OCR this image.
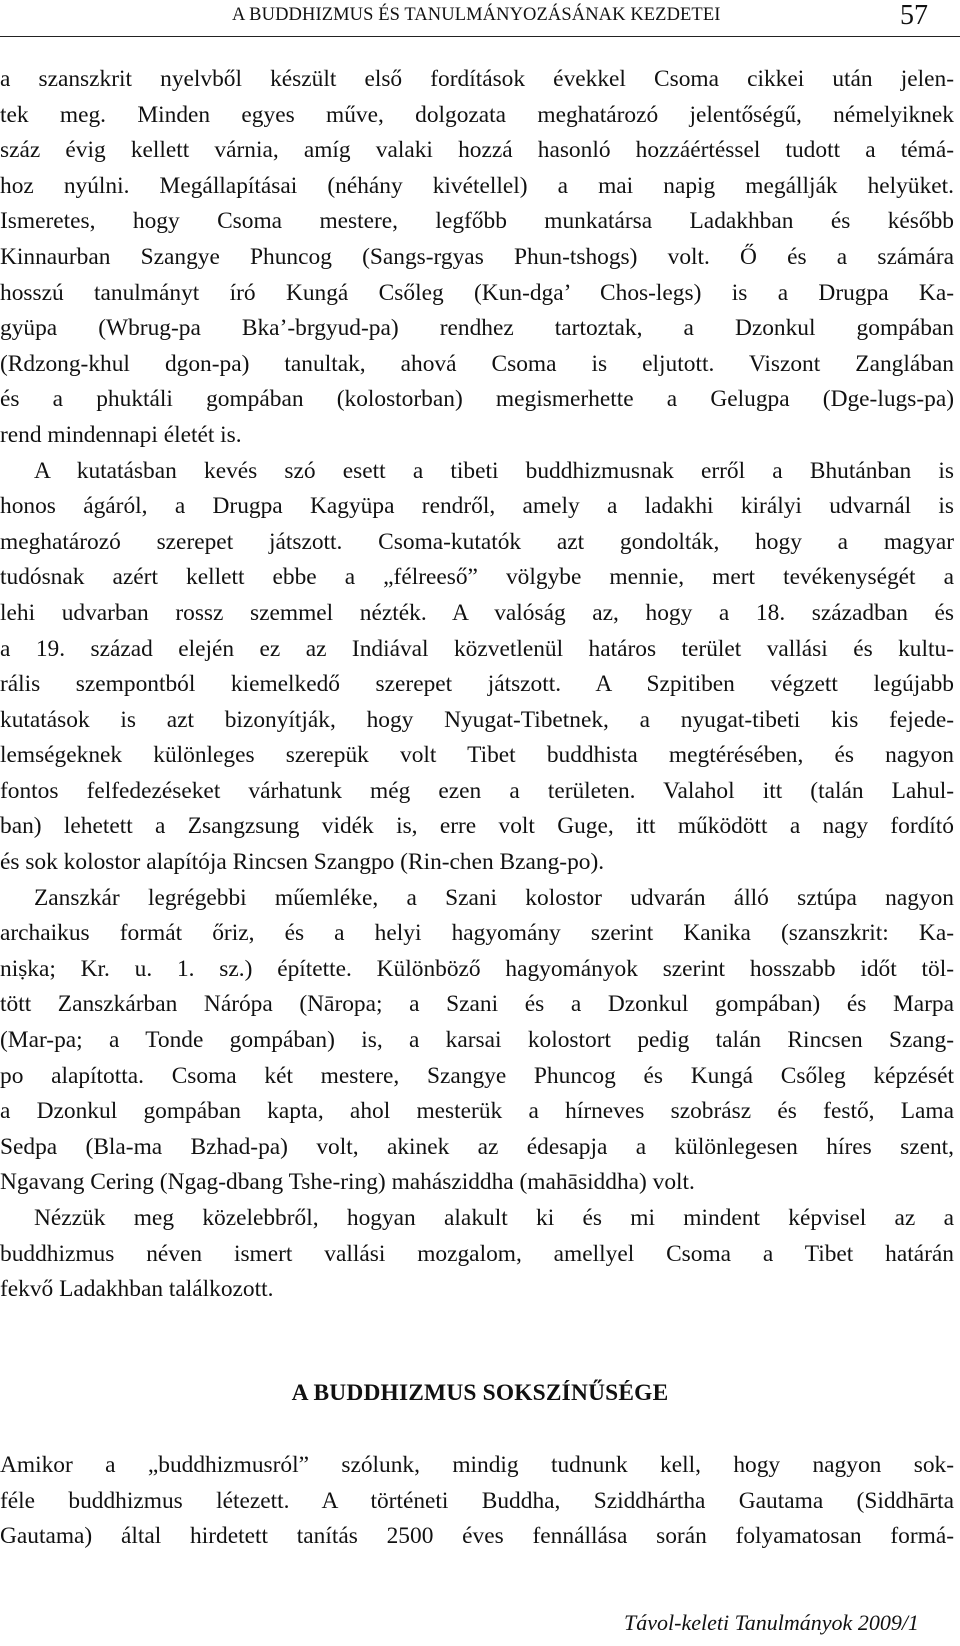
A BUDDHIZMUS ÉS TANULMÁNYOZÁSÁNAK KEZDETEI	57
a szanszkrit nyelvből készült első fordítások évekkel Csoma cikkei után jelen-
tek meg. Minden egyes műve, dolgozata meghatározó jelentőségű, némelyiknek
száz évig kellett várnia, amíg valaki hozzá hasonló hozzáértéssel tudott a témá-
hoz nyúlni. Megállapításai (néhány kivétellel) a mai napig megállják helyüket.
Ismeretes, hogy Csoma mestere, legfőbb munkatársa Ladakhban és később
Kinnaurban Szangye Phuncog (Sangs-rgyas Phun-tshogs) volt. Ő és a számára
hosszú tanulmányt író Kungá Csőleg (Kun-dga’ Chos-legs) is a Drugpa Ka-
gyüpa (Wbrug-pa Bka’-brgyud-pa) rendhez tartoztak, a Dzonkul gompában
(Rdzong-khul dgon-pa) tanultak, ahová Csoma is eljutott. Viszont Zanglában
és a phuktáli gompában (kolostorban) megismerhette a Gelugpa (Dge-lugs-pa)
rend mindennapi életét is.
A kutatásban kevés szó esett a tibeti buddhizmusnak erről a Bhutánban is
honos ágáról, a Drugpa Kagyüpa rendről, amely a ladakhi királyi udvarnál is
meghatározó szerepet játszott. Csoma-kutatók azt gondolták, hogy a magyar
tudósnak azért kellett ebbe a „félreeső” völgybe mennie, mert tevékenységét a
lehi udvarban rossz szemmel nézték. A valóság az, hogy a 18. században és
a 19. század elején ez az Indiával közvetlenül határos terület vallási és kultu-
rális szempontból kiemelkedő szerepet játszott. A Szpitiben végzett legújabb
kutatások is azt bizonyítják, hogy Nyugat-Tibetnek, a nyugat-tibeti kis fejede-
lemségeknek különleges szerepük volt Tibet buddhista megtérésében, és nagyon
fontos felfedezéseket várhatunk még ezen a területen. Valahol itt (talán Lahul-
ban) lehetett a Zsangzsung vidék is, erre volt Guge, itt működött a nagy fordító
és sok kolostor alapítója Rincsen Szangpo (Rin-chen Bzang-po).
Zanszkár legrégebbi műemléke, a Szani kolostor udvarán álló sztúpa nagyon
archaikus formát őriz, és a helyi hagyomány szerint Kanika (szanszkrit: Ka-
niṣka; Kr. u. 1. sz.) építette. Különböző hagyományok szerint hosszabb időt töl-
tött Zanszkárban Nárópa (Nāropa; a Szani és a Dzonkul gompában) és Marpa
(Mar-pa; a Tonde gompában) is, a karsai kolostort pedig talán Rincsen Szang-
po alapította. Csoma két mestere, Szangye Phuncog és Kungá Csőleg képzését
a Dzonkul gompában kapta, ahol mesterük a hírneves szobrász és festő, Lama
Sedpa (Bla-ma Bzhad-pa) volt, akinek az édesapja a különlegesen híres szent,
Ngavang Cering (Ngag-dbang Tshe-ring) mahásziddha (mahāsiddha) volt.
Nézzük meg közelebbről, hogyan alakult ki és mi mindent képvisel az a
buddhizmus néven ismert vallási mozgalom, amellyel Csoma a Tibet határán
fekvő Ladakhban találkozott.
A BUDDHIZMUS SOKSZÍNŰSÉGE
Amikor a „buddhizmusról” szólunk, mindig tudnunk kell, hogy nagyon sok-
féle buddhizmus létezett. A történeti Buddha, Sziddhártha Gautama (Siddhārta
Gautama) által hirdetett tanítás 2500 éves fennállása során folyamatosan formá-
Távol-keleti Tanulmányok 2009/1
